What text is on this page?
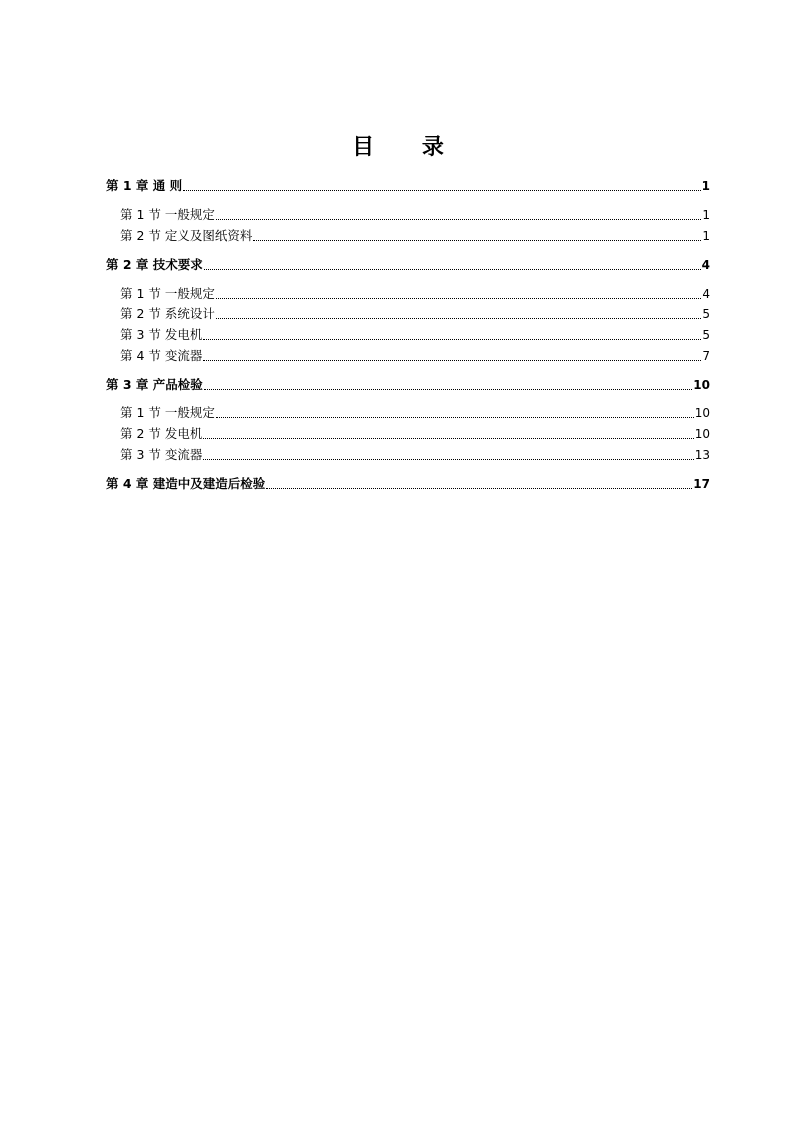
目 录
第 1 章 通 则	1
第 1 节 一般规定	1
第 2 节 定义及图纸资料	1
第 2 章 技术要求	4
第 1 节 一般规定	4
第 2 节 系统设计	5
第 3 节 发电机	5
第 4 节 变流器	7
第 3 章 产品检验	10
第 1 节 一般规定	10
第 2 节 发电机	10
第 3 节 变流器	13
第 4 章 建造中及建造后检验	17
